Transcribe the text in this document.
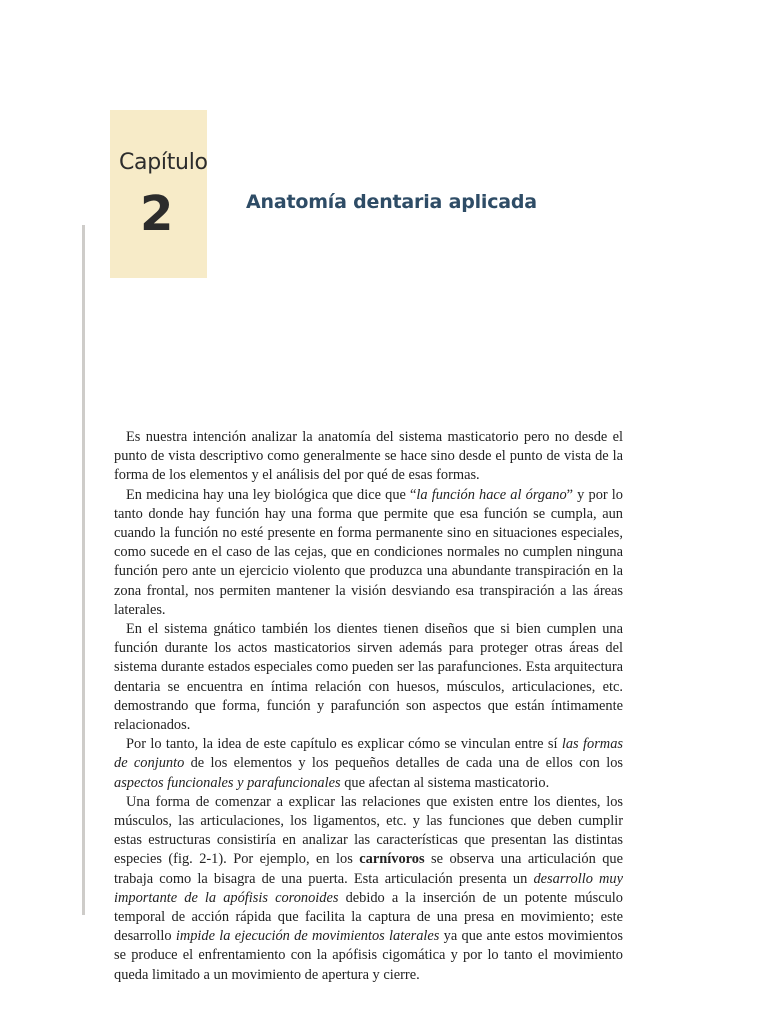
Capítulo
2	Anatomía dentaria aplicada

Es nuestra intención analizar la anatomía del sistema masticatorio pero no desde el punto de vista descriptivo como generalmente se hace sino desde el punto de vista de la forma de los elementos y el análisis del por qué de esas formas.

En medicina hay una ley biológica que dice que “la función hace al órgano” y por lo tanto donde hay función hay una forma que permite que esa función se cumpla, aun cuando la función no esté presente en forma permanente sino en situaciones especiales, como sucede en el caso de las cejas, que en condiciones normales no cumplen ninguna función pero ante un ejercicio violento que produzca una abundante transpiración en la zona frontal, nos permiten mantener la visión desviando esa transpiración a las áreas laterales.

En el sistema gnático también los dientes tienen diseños que si bien cumplen una función durante los actos masticatorios sirven además para proteger otras áreas del sistema durante estados especiales como pueden ser las parafunciones. Esta arquitectura dentaria se encuentra en íntima relación con huesos, músculos, articulaciones, etc. demostrando que forma, función y parafunción son aspectos que están íntimamente relacionados.

Por lo tanto, la idea de este capítulo es explicar cómo se vinculan entre sí las formas de conjunto de los elementos y los pequeños detalles de cada una de ellos con los aspectos funcionales y parafuncionales que afectan al sistema masticatorio.

Una forma de comenzar a explicar las relaciones que existen entre los dientes, los músculos, las articulaciones, los ligamentos, etc. y las funciones que deben cumplir estas estructuras consistiría en analizar las características que presentan las distintas especies (fig. 2-1). Por ejemplo, en los carnívoros se observa una articulación que trabaja como la bisagra de una puerta. Esta articulación presenta un desarrollo muy importante de la apófisis coronoides debido a la inserción de un potente músculo temporal de acción rápida que facilita la captura de una presa en movimiento; este desarrollo impide la ejecución de movimientos laterales ya que ante estos movimientos se produce el enfrentamiento con la apófisis cigomática y por lo tanto el movimiento queda limitado a un movimiento de apertura y cierre.
